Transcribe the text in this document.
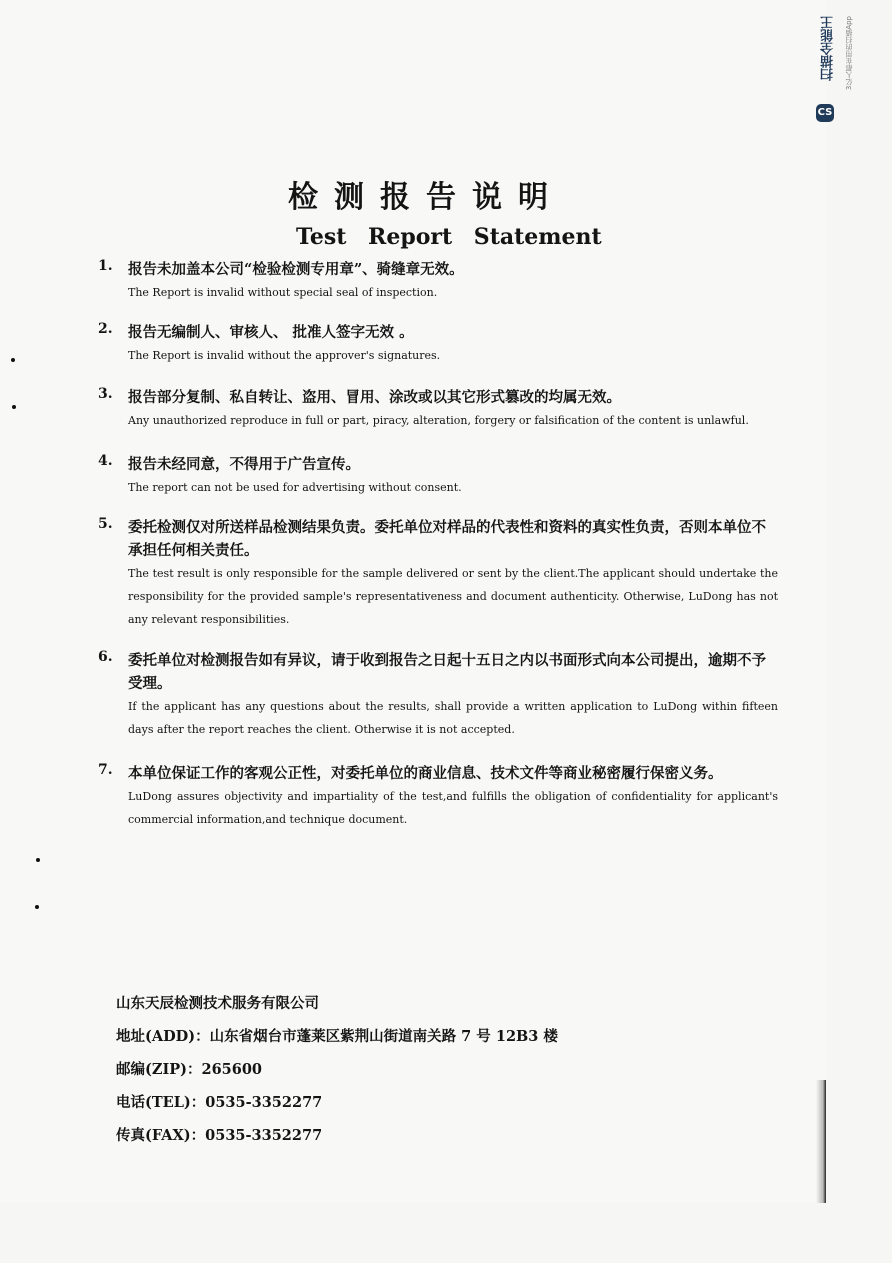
扫描全能王 3亿人都在用的扫描App
CS
检测报告说明
Test Report Statement
1. 报告未加盖本公司“检验检测专用章”、骑缝章无效。
The Report is invalid without special seal of inspection.
2. 报告无编制人、审核人、 批准人签字无效 。
The Report is invalid without the approver's signatures.
3. 报告部分复制、私自转让、盗用、冒用、涂改或以其它形式篡改的均属无效。
Any unauthorized reproduce in full or part, piracy, alteration, forgery or falsification of the content is unlawful.
4. 报告未经同意，不得用于广告宣传。
The report can not be used for advertising without consent.
5. 委托检测仅对所送样品检测结果负责。委托单位对样品的代表性和资料的真实性负责，否则本单位不承担任何相关责任。
The test result is only responsible for the sample delivered or sent by the client.The applicant should undertake the responsibility for the provided sample's representativeness and document authenticity. Otherwise, LuDong has not any relevant responsibilities.
6. 委托单位对检测报告如有异议，请于收到报告之日起十五日之内以书面形式向本公司提出，逾期不予受理。
If the applicant has any questions about the results, shall provide a written application to LuDong within fifteen days after the report reaches the client. Otherwise it is not accepted.
7. 本单位保证工作的客观公正性，对委托单位的商业信息、技术文件等商业秘密履行保密义务。
LuDong assures objectivity and impartiality of the test,and fulfills the obligation of confidentiality for applicant's commercial information,and technique document.
山东天辰检测技术服务有限公司
地址(ADD)：山东省烟台市蓬莱区紫荆山街道南关路 7 号 12B3 楼
邮编(ZIP)：265600
电话(TEL)：0535-3352277
传真(FAX)：0535-3352277
